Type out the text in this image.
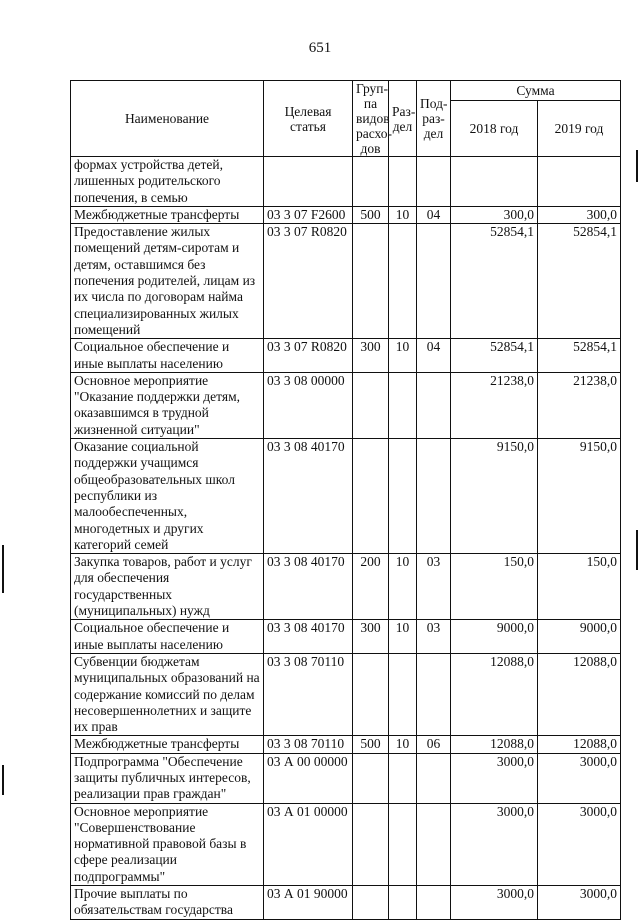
651
Наименование	Целевая статья	Груп-па видов расхо-дов	Раз-дел	Под-раз-дел	Сумма	
					2018 год	2019 год
формах устройства детей, лишенных родительского попечения, в семью						
Межбюджетные трансферты	03 3 07 F2600	500	10	04	300,0	300,0
Предоставление жилых помещений детям-сиротам и детям, оставшимся без попечения родителей, лицам из их числа по договорам найма специализированных жилых помещений	03 3 07 R0820				52854,1	52854,1
Социальное обеспечение и иные выплаты населению	03 3 07 R0820	300	10	04	52854,1	52854,1
Основное мероприятие "Оказание поддержки детям, оказавшимся в трудной жизненной ситуации"	03 3 08 00000				21238,0	21238,0
Оказание социальной поддержки учащимся общеобразовательных школ республики из малообеспеченных, многодетных и других категорий семей	03 3 08 40170				9150,0	9150,0
Закупка товаров, работ и услуг для обеспечения государственных (муниципальных) нужд	03 3 08 40170	200	10	03	150,0	150,0
Социальное обеспечение и иные выплаты населению	03 3 08 40170	300	10	03	9000,0	9000,0
Субвенции бюджетам муниципальных образований на содержание комиссий по делам несовершеннолетних и защите их прав	03 3 08 70110				12088,0	12088,0
Межбюджетные трансферты	03 3 08 70110	500	10	06	12088,0	12088,0
Подпрограмма "Обеспечение защиты публичных интересов, реализации прав граждан"	03 А 00 00000				3000,0	3000,0
Основное мероприятие "Совершенствование нормативной правовой базы в сфере реализации подпрограммы"	03 А 01 00000				3000,0	3000,0
Прочие выплаты по обязательствам государства	03 А 01 90000				3000,0	3000,0
